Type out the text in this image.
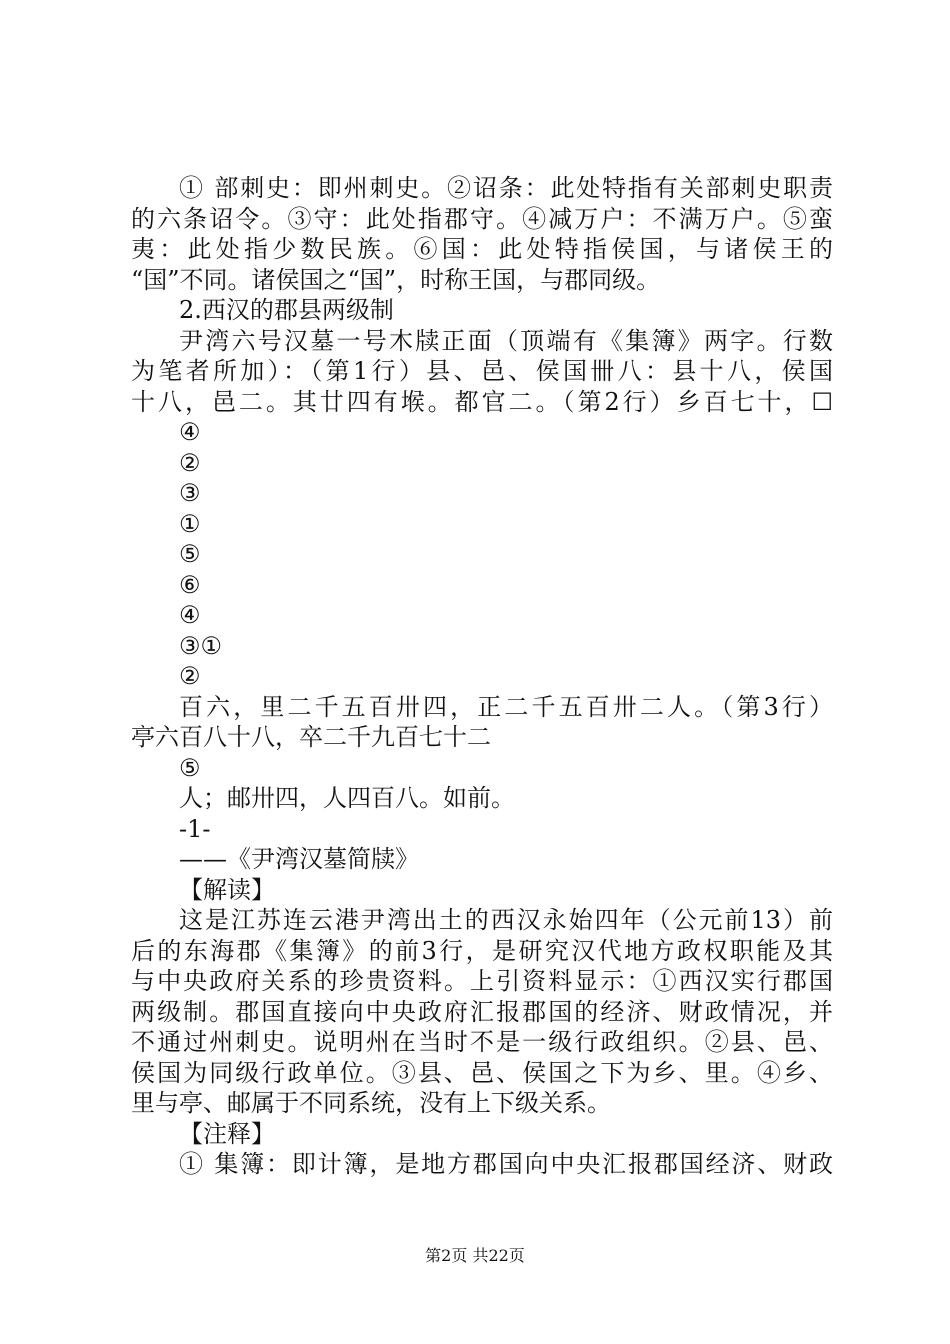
① 部刺史：即州刺史。②诏条：此处特指有关部刺史职责
的六条诏令。③守：此处指郡守。④减万户：不满万户。⑤蛮
夷：此处指少数民族。⑥国：此处特指侯国，与诸侯王的
“国”不同。诸侯国之“国”，时称王国，与郡同级。
2.西汉的郡县两级制
尹湾六号汉墓一号木牍正面（顶端有《集簿》两字。行数
为笔者所加）：（第1行）县、邑、侯国卌八：县十八，侯国
十八，邑二。其廿四有堠。都官二。（第2行）乡百七十，☐
④
②
③
①
⑤
⑥
④
③①
②
百六，里二千五百卅四，正二千五百卅二人。（第3行）
亭六百八十八，卒二千九百七十二
⑤
人；邮卅四，人四百八。如前。
-1-
——《尹湾汉墓简牍》
【解读】
这是江苏连云港尹湾出土的西汉永始四年（公元前13）前
后的东海郡《集簿》的前3行，是研究汉代地方政权职能及其
与中央政府关系的珍贵资料。上引资料显示：①西汉实行郡国
两级制。郡国直接向中央政府汇报郡国的经济、财政情况，并
不通过州刺史。说明州在当时不是一级行政组织。②县、邑、
侯国为同级行政单位。③县、邑、侯国之下为乡、里。④乡、
里与亭、邮属于不同系统，没有上下级关系。
【注释】
① 集簿：即计簿，是地方郡国向中央汇报郡国经济、财政
第2页 共22页
